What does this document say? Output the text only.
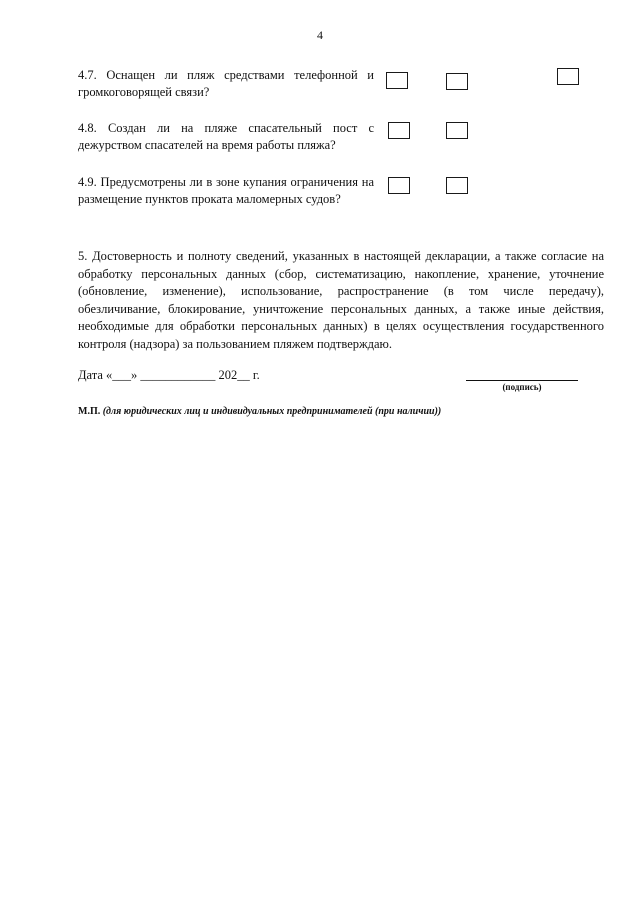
4
4.7. Оснащен ли пляж средствами телефонной и громкоговорящей связи?
4.8. Создан ли на пляже спасательный пост с дежурством спасателей на время работы пляжа?
4.9. Предусмотрены ли в зоне купания ограничения на размещение пунктов проката маломерных судов?
5. Достоверность и полноту сведений, указанных в настоящей декларации, а также согласие на обработку персональных данных (сбор, систематизацию, накопление, хранение, уточнение (обновление, изменение), использование, распространение (в том числе передачу), обезличивание, блокирование, уничтожение персональных данных, а также иные действия, необходимые для обработки персональных данных) в целях осуществления государственного контроля (надзора) за пользованием пляжем подтверждаю.
Дата «___» ____________ 202__ г.
(подпись)
М.П. (для юридических лиц и индивидуальных предпринимателей (при наличии))
